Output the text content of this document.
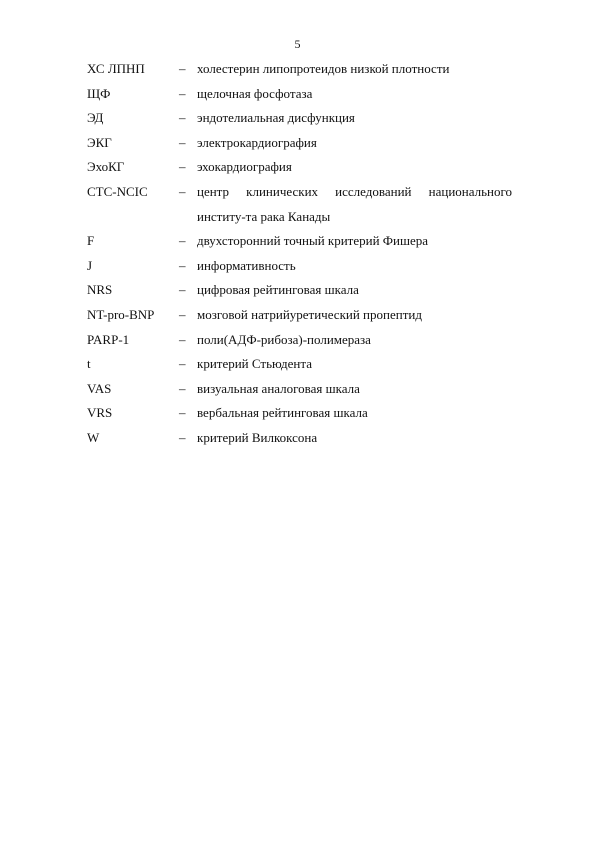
5
ХС ЛПНП	– холестерин липопротеидов низкой плотности
ЩФ	– щелочная фосфотаза
ЭД	– эндотелиальная дисфункция
ЭКГ	– электрокардиография
ЭхоКГ	– эхокардиография
CTC-NCIC	– центр клинических исследований национального институ-та рака Канады
F	– двухсторонний точный критерий Фишера
J	– информативность
NRS	– цифровая рейтинговая шкала
NT-pro-BNP	– мозговой натрийуретический пропептид
PARP-1	– поли(АДФ-рибоза)-полимераза
t	– критерий Стьюдента
VAS	– визуальная аналоговая шкала
VRS	– вербальная рейтинговая шкала
W	– критерий Вилкоксона
